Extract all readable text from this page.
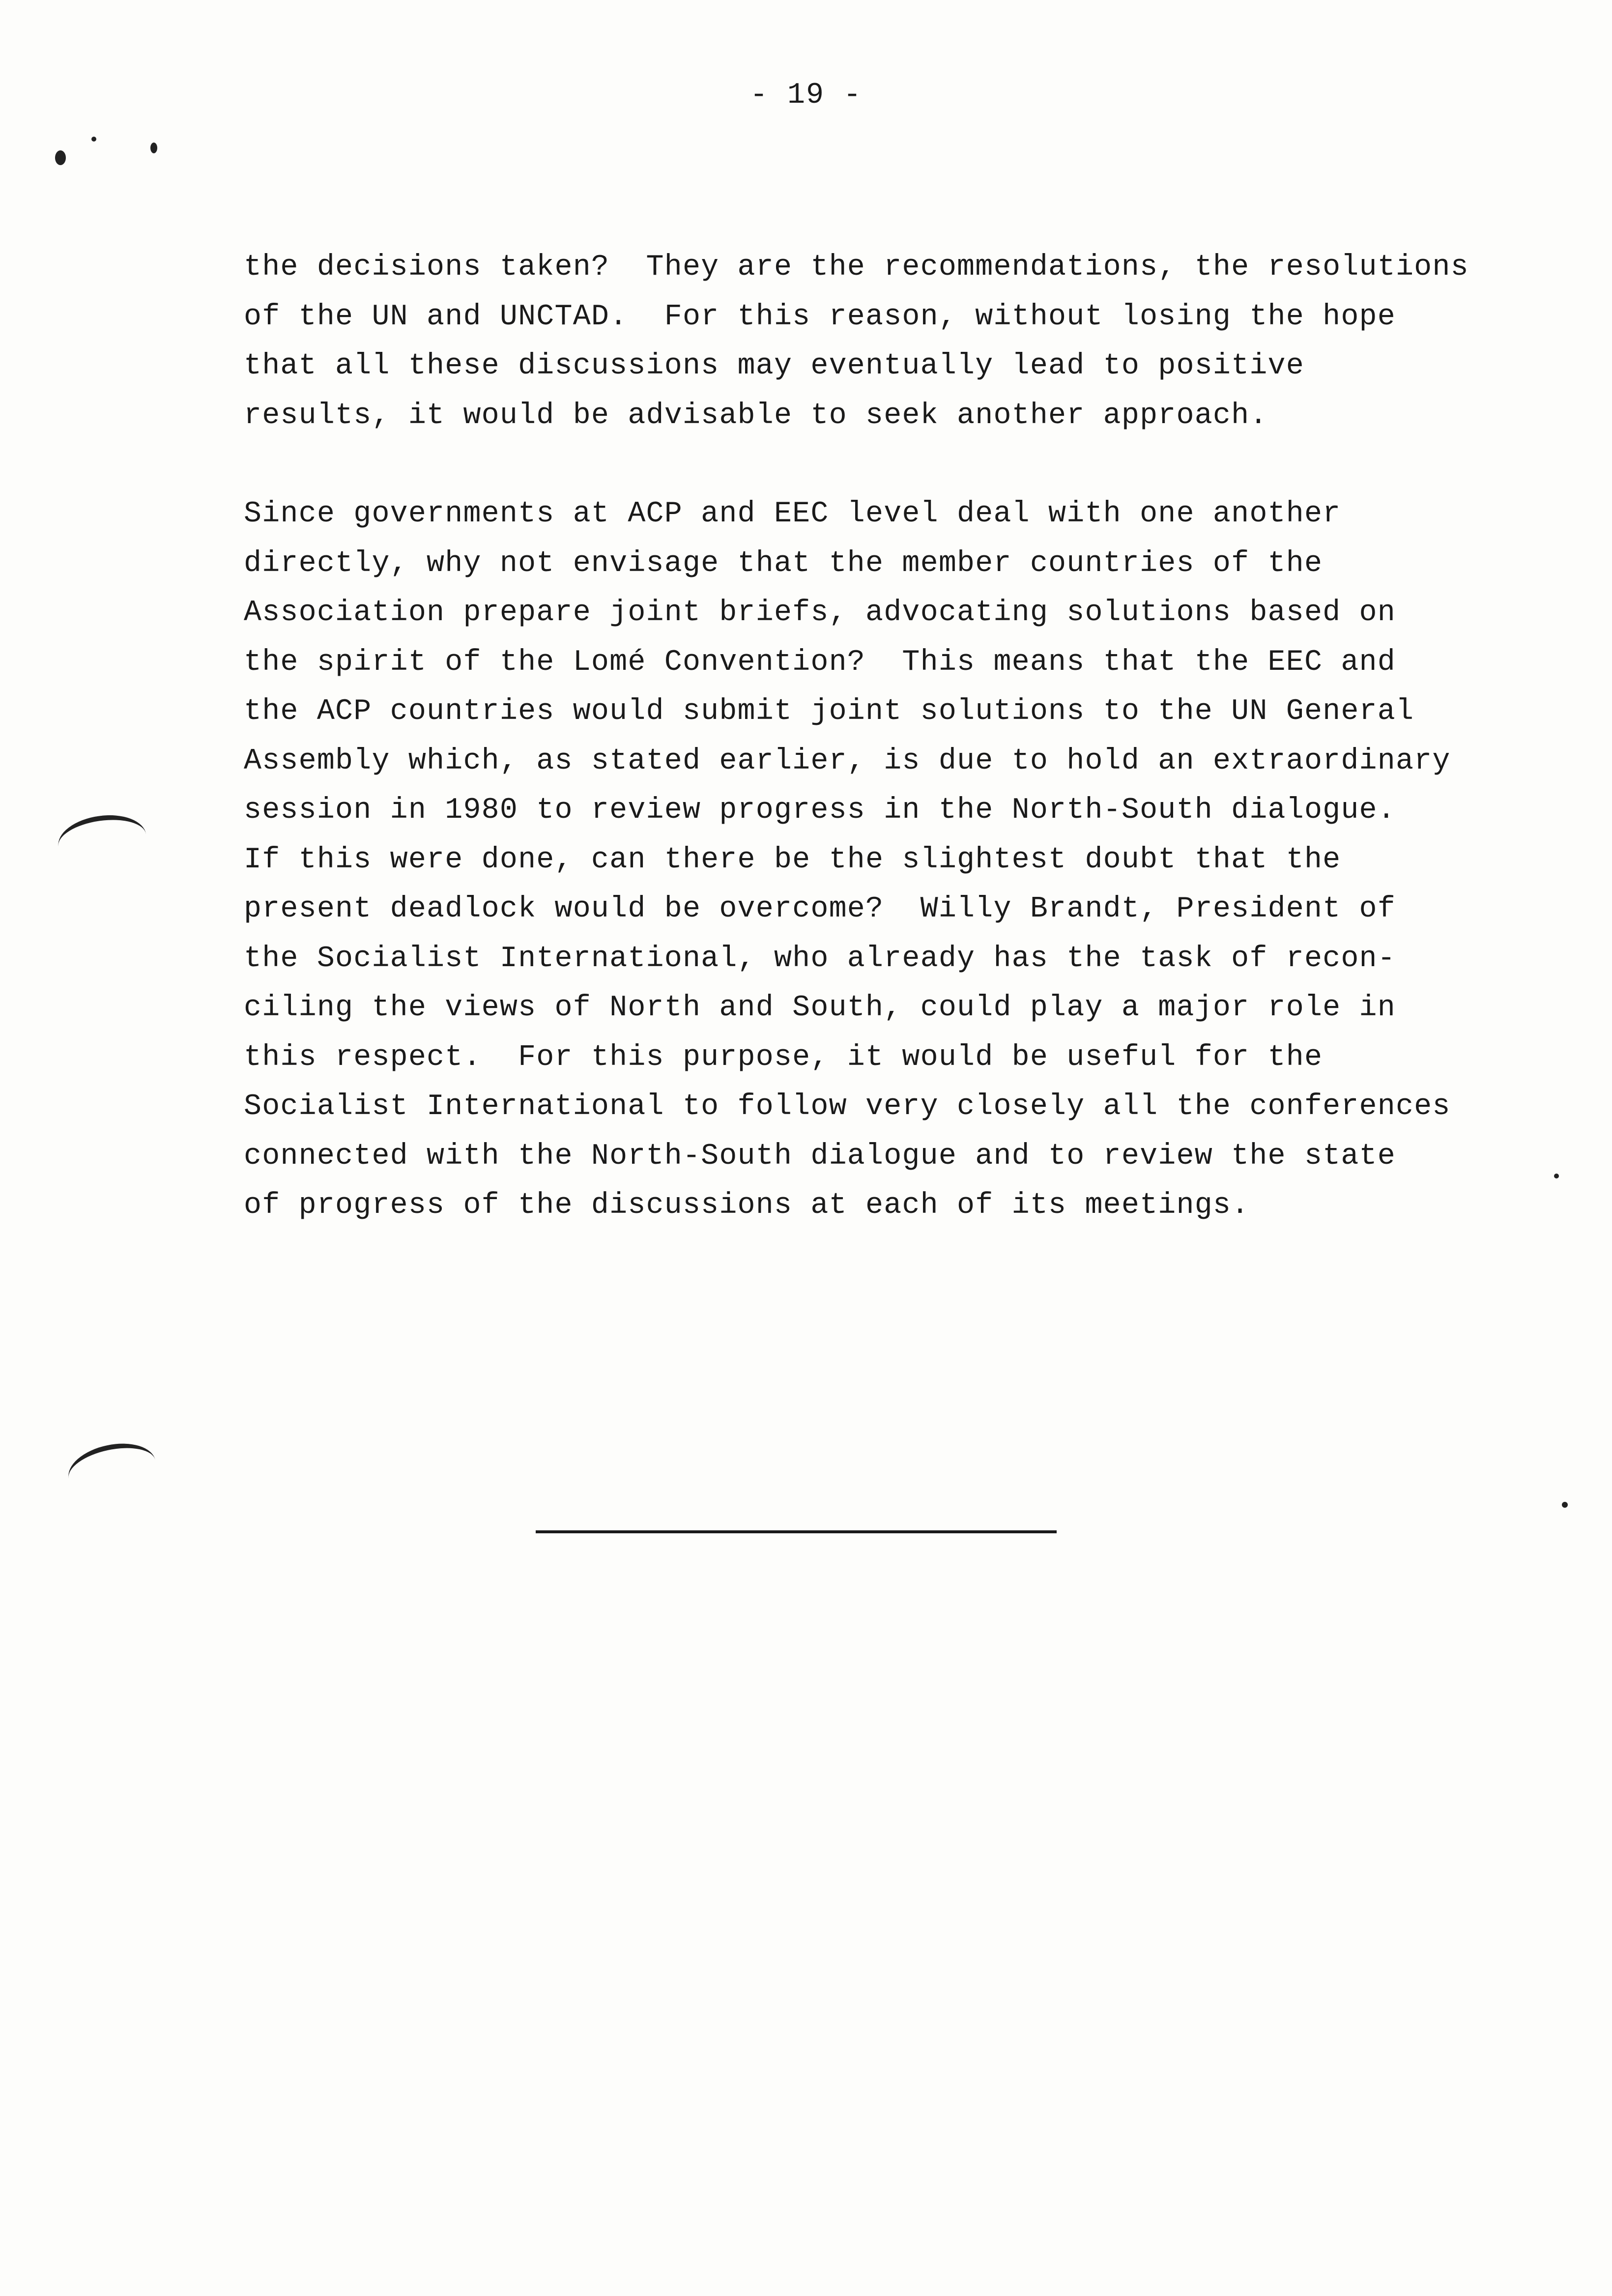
- 19 -
the decisions taken?  They are the recommendations, the resolutions
of the UN and UNCTAD.  For this reason, without losing the hope
that all these discussions may eventually lead to positive
results, it would be advisable to seek another approach.
Since governments at ACP and EEC level deal with one another
directly, why not envisage that the member countries of the
Association prepare joint briefs, advocating solutions based on
the spirit of the Lomé Convention?  This means that the EEC and
the ACP countries would submit joint solutions to the UN General
Assembly which, as stated earlier, is due to hold an extraordinary
session in 1980 to review progress in the North-South dialogue.
If this were done, can there be the slightest doubt that the
present deadlock would be overcome?  Willy Brandt, President of
the Socialist International, who already has the task of recon-
ciling the views of North and South, could play a major role in
this respect.  For this purpose, it would be useful for the
Socialist International to follow very closely all the conferences
connected with the North-South dialogue and to review the state
of progress of the discussions at each of its meetings.
